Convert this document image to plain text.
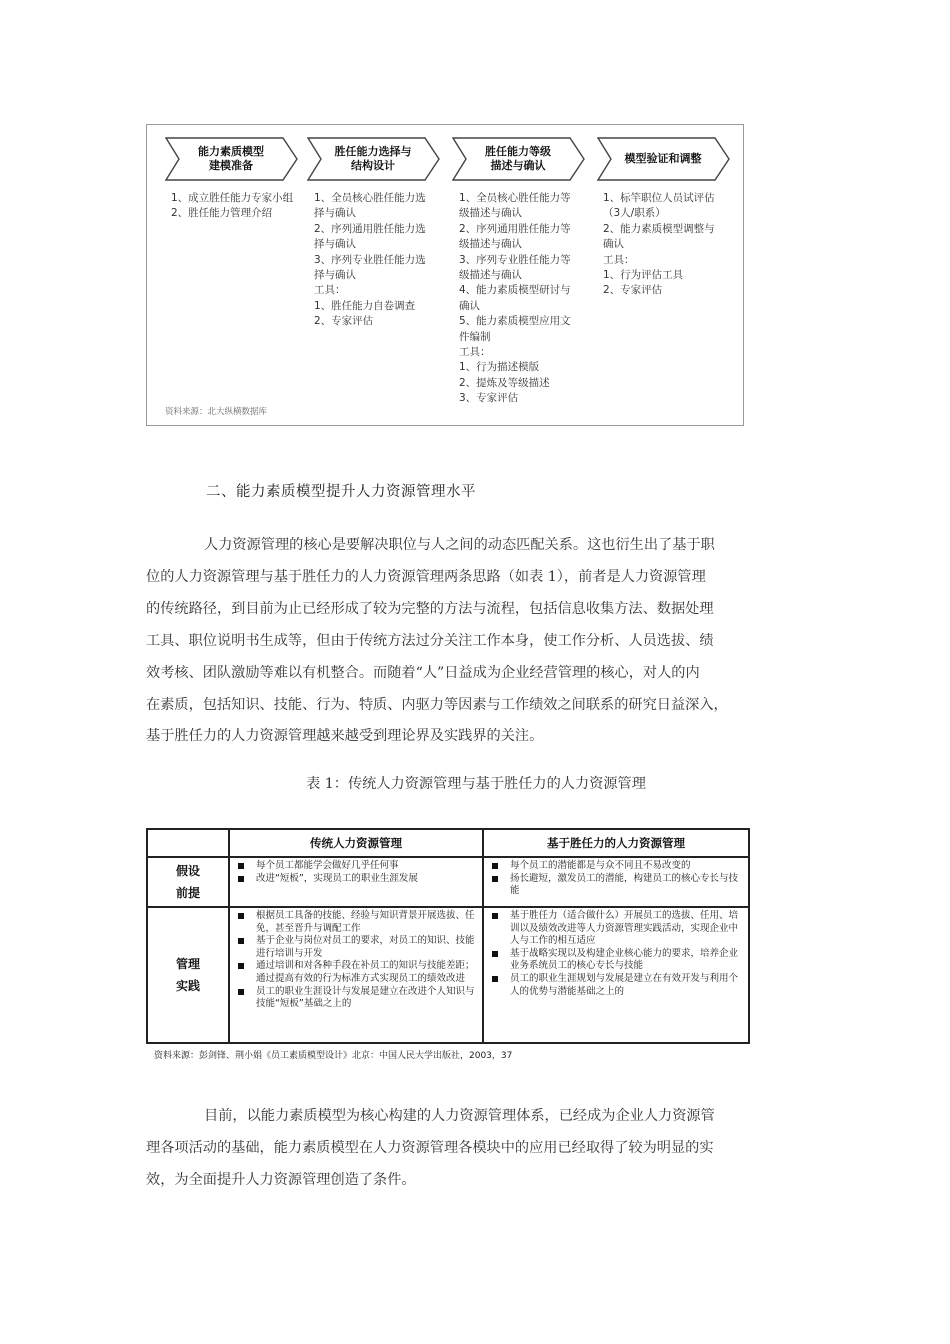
能力素质模型
建模准备
胜任能力选择与
结构设计
胜任能力等级
描述与确认
模型验证和调整
1、成立胜任能力专家小组
2、胜任能力管理介绍
1、全员核心胜任能力选择与确认
2、序列通用胜任能力选择与确认
3、序列专业胜任能力选择与确认
工具：
1、胜任能力自卷调查
2、专家评估
1、全员核心胜任能力等级描述与确认
2、序列通用胜任能力等级描述与确认
3、序列专业胜任能力等级描述与确认
4、能力素质模型研讨与确认
5、能力素质模型应用文件编制
工具：
1、行为描述模版
2、提炼及等级描述
3、专家评估
1、标竿职位人员试评估（3人/职系）
2、能力素质模型调整与确认
工具：
1、行为评估工具
2、专家评估
资料来源：北大纵横数据库
二、能力素质模型提升人力资源管理水平
人力资源管理的核心是要解决职位与人之间的动态匹配关系。这也衍生出了基于职
位的人力资源管理与基于胜任力的人力资源管理两条思路（如表 1），前者是人力资源管理
的传统路径，到目前为止已经形成了较为完整的方法与流程，包括信息收集方法、数据处理
工具、职位说明书生成等，但由于传统方法过分关注工作本身，使工作分析、人员选拔、绩
效考核、团队激励等难以有机整合。而随着“人”日益成为企业经营管理的核心，对人的内
在素质，包括知识、技能、行为、特质、内驱力等因素与工作绩效之间联系的研究日益深入，
基于胜任力的人力资源管理越来越受到理论界及实践界的关注。
表 1：传统人力资源管理与基于胜任力的人力资源管理
传统人力资源管理	基于胜任力的人力资源管理
假设
前提
管理
实践
每个员工都能学会做好几乎任何事
改进“短板”，实现员工的职业生涯发展
每个员工的潜能都是与众不同且不易改变的
扬长避短，激发员工的潜能，构建员工的核心专长与技能
根据员工具备的技能、经验与知识背景开展选拔、任免，甚至晋升与调配工作
基于企业与岗位对员工的要求，对员工的知识、技能进行培训与开发
通过培训和对各种手段在补员工的知识与技能差距；通过提高有效的行为标准方式实现员工的绩效改进
员工的职业生涯设计与发展是建立在改进个人知识与技能“短板”基础之上的
基于胜任力（适合做什么）开展员工的选拔、任用、培训以及绩效改进等人力资源管理实践活动，实现企业中人与工作的相互适应
基于战略实现以及构建企业核心能力的要求，培养企业业务系统员工的核心专长与技能
员工的职业生涯规划与发展是建立在有效开发与利用个人的优势与潜能基础之上的
资料来源：彭剑锋、荆小娟《员工素质模型设计》北京：中国人民大学出版社，2003，37
目前，以能力素质模型为核心构建的人力资源管理体系，已经成为企业人力资源管
理各项活动的基础，能力素质模型在人力资源管理各模块中的应用已经取得了较为明显的实
效，为全面提升人力资源管理创造了条件。
